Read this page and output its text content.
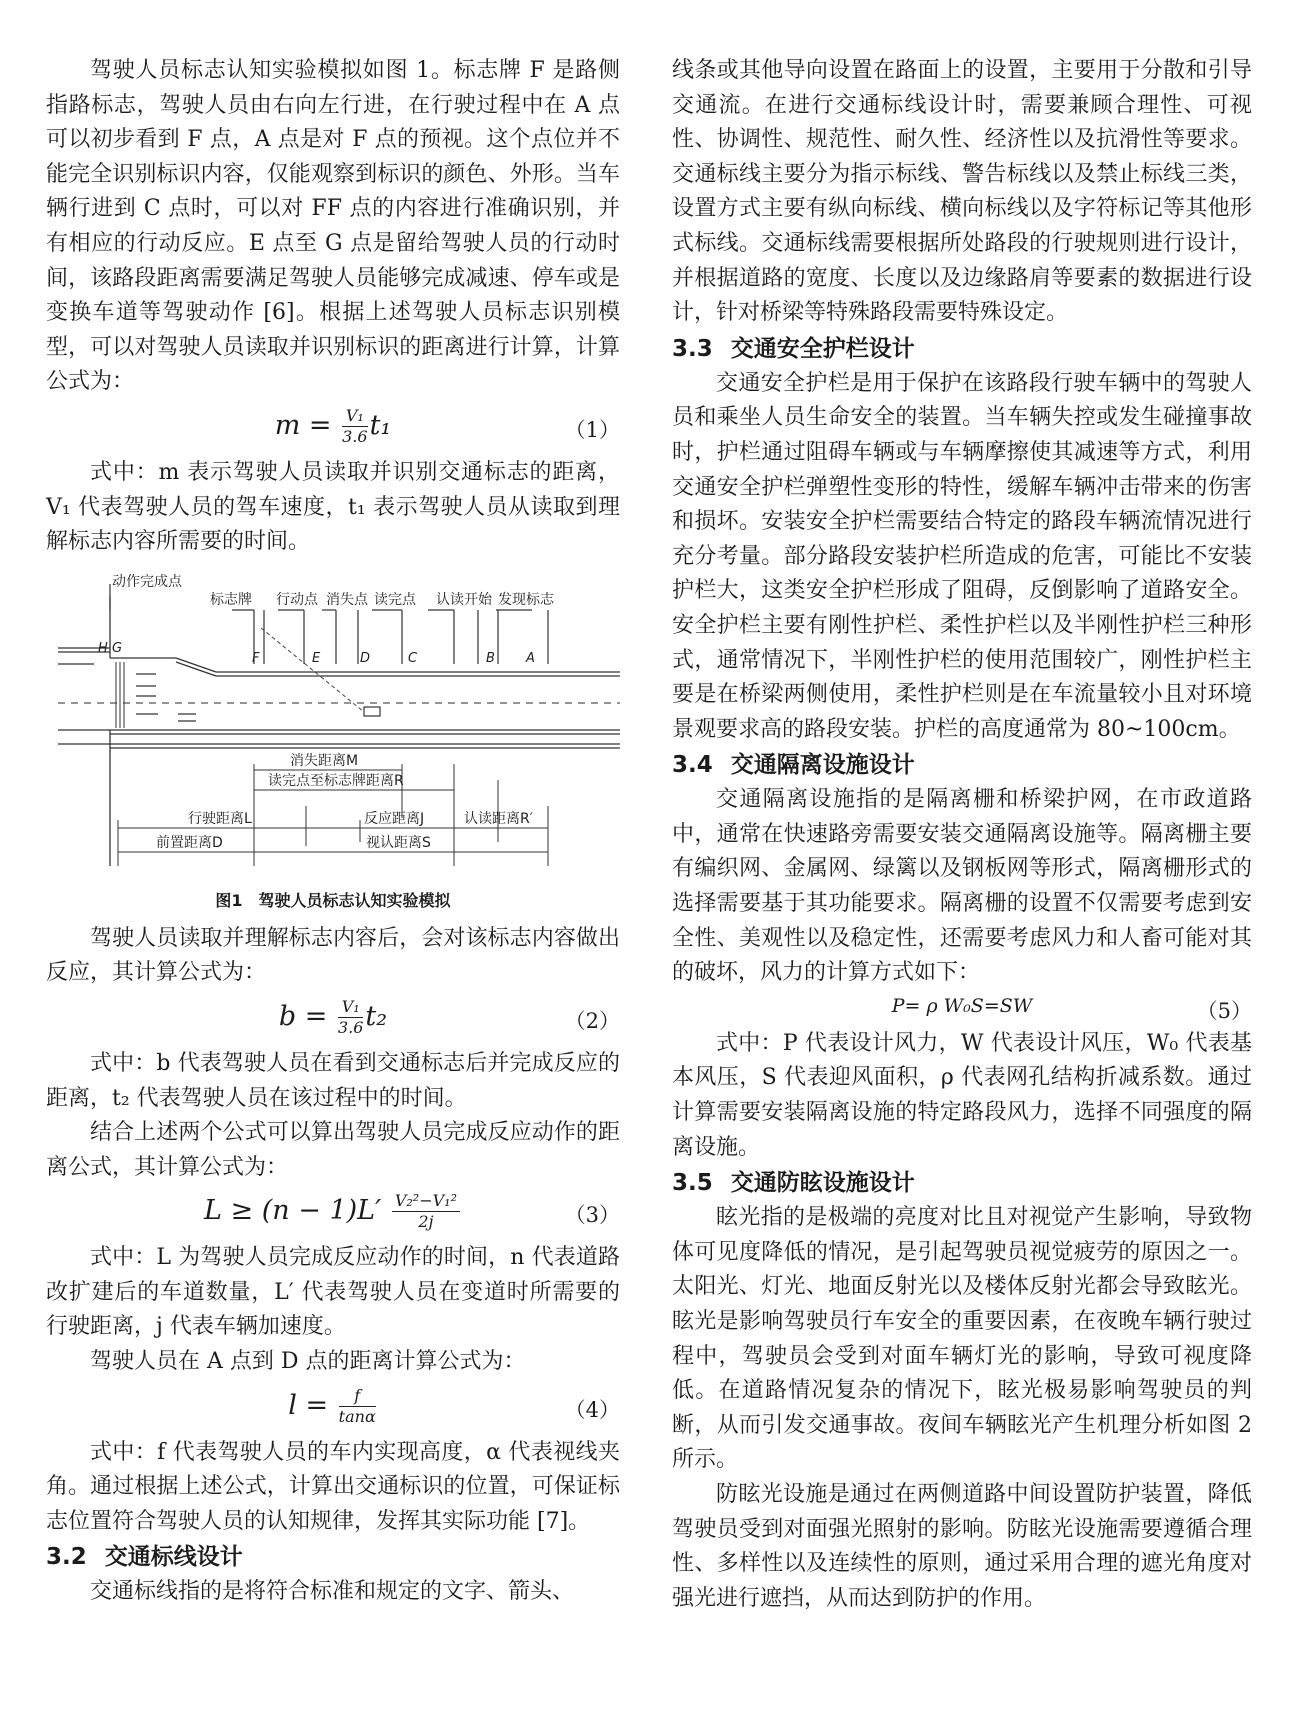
驾驶人员标志认知实验模拟如图 1。标志牌 F 是路侧指路标志，驾驶人员由右向左行进，在行驶过程中在 A 点可以初步看到 F 点，A 点是对 F 点的预视。这个点位并不能完全识别标识内容，仅能观察到标识的颜色、外形。当车辆行进到 C 点时，可以对 FF 点的内容进行准确识别，并有相应的行动反应。E 点至 G 点是留给驾驶人员的行动时间，该路段距离需要满足驾驶人员能够完成减速、停车或是变换车道等驾驶动作 [6]。根据上述驾驶人员标志识别模型，可以对驾驶人员读取并识别标识的距离进行计算，计算公式为：

$m = \frac{\text{V₁}}{3.6} t_1$	（1）

式中：m 表示驾驶人员读取并识别交通标志的距离，V₁ 代表驾驶人员的驾车速度，t₁ 表示驾驶人员从读取到理解标志内容所需要的时间。

动作完成点
标志牌 行动点 消失点 读完点 认读开始 发现标志
H G
F	E	D	C	B A
消失距离M
读完点至标志牌距离R
行驶距离L	反应距离J	认读距离R′
前置距离D	视认距离S
图1　驾驶人员标志认知实验模拟

驾驶人员读取并理解标志内容后，会对该标志内容做出反应，其计算公式为：

$b = \frac{\text{V₁}}{3.6} t_2$	（2）

式中：b 代表驾驶人员在看到交通标志后并完成反应的距离，t₂ 代表驾驶人员在该过程中的时间。

结合上述两个公式可以算出驾驶人员完成反应动作的距离公式，其计算公式为：

$L \ge (n - 1)L' \frac{\text{V₂²−V₁²}}{2j}$	（3）

式中：L 为驾驶人员完成反应动作的时间，n 代表道路改扩建后的车道数量，L′ 代表驾驶人员在变道时所需要的行驶距离，j 代表车辆加速度。

驾驶人员在 A 点到 D 点的距离计算公式为：

$l = \frac{f}{\tan\alpha}$	（4）

式中：f 代表驾驶人员的车内实现高度，α 代表视线夹角。通过根据上述公式，计算出交通标识的位置，可保证标志位置符合驾驶人员的认知规律，发挥其实际功能 [7]。

3.2 交通标线设计

交通标线指的是将符合标准和规定的文字、箭头、

线条或其他导向设置在路面上的设置，主要用于分散和引导交通流。在进行交通标线设计时，需要兼顾合理性、可视性、协调性、规范性、耐久性、经济性以及抗滑性等要求。交通标线主要分为指示标线、警告标线以及禁止标线三类，设置方式主要有纵向标线、横向标线以及字符标记等其他形式标线。交通标线需要根据所处路段的行驶规则进行设计，并根据道路的宽度、长度以及边缘路肩等要素的数据进行设计，针对桥梁等特殊路段需要特殊设定。

3.3 交通安全护栏设计

交通安全护栏是用于保护在该路段行驶车辆中的驾驶人员和乘坐人员生命安全的装置。当车辆失控或发生碰撞事故时，护栏通过阻碍车辆或与车辆摩擦使其减速等方式，利用交通安全护栏弹塑性变形的特性，缓解车辆冲击带来的伤害和损坏。安装安全护栏需要结合特定的路段车辆流情况进行充分考量。部分路段安装护栏所造成的危害，可能比不安装护栏大，这类安全护栏形成了阻碍，反倒影响了道路安全。安全护栏主要有刚性护栏、柔性护栏以及半刚性护栏三种形式，通常情况下，半刚性护栏的使用范围较广，刚性护栏主要是在桥梁两侧使用，柔性护栏则是在车流量较小且对环境景观要求高的路段安装。护栏的高度通常为 80~100cm。

3.4 交通隔离设施设计

交通隔离设施指的是隔离栅和桥梁护网，在市政道路中，通常在快速路旁需要安装交通隔离设施等。隔离栅主要有编织网、金属网、绿篱以及钢板网等形式，隔离栅形式的选择需要基于其功能要求。隔离栅的设置不仅需要考虑到安全性、美观性以及稳定性，还需要考虑风力和人畜可能对其的破坏，风力的计算方式如下：

P= ρ W₀S=SW	（5）

式中：P 代表设计风力，W 代表设计风压，W₀ 代表基本风压，S 代表迎风面积，ρ 代表网孔结构折减系数。通过计算需要安装隔离设施的特定路段风力，选择不同强度的隔离设施。

3.5 交通防眩设施设计

眩光指的是极端的亮度对比且对视觉产生影响，导致物体可见度降低的情况，是引起驾驶员视觉疲劳的原因之一。太阳光、灯光、地面反射光以及楼体反射光都会导致眩光。眩光是影响驾驶员行车安全的重要因素，在夜晚车辆行驶过程中，驾驶员会受到对面车辆灯光的影响，导致可视度降低。在道路情况复杂的情况下，眩光极易影响驾驶员的判断，从而引发交通事故。夜间车辆眩光产生机理分析如图 2 所示。

防眩光设施是通过在两侧道路中间设置防护装置，降低驾驶员受到对面强光照射的影响。防眩光设施需要遵循合理性、多样性以及连续性的原则，通过采用合理的遮光角度对强光进行遮挡，从而达到防护的作用。
